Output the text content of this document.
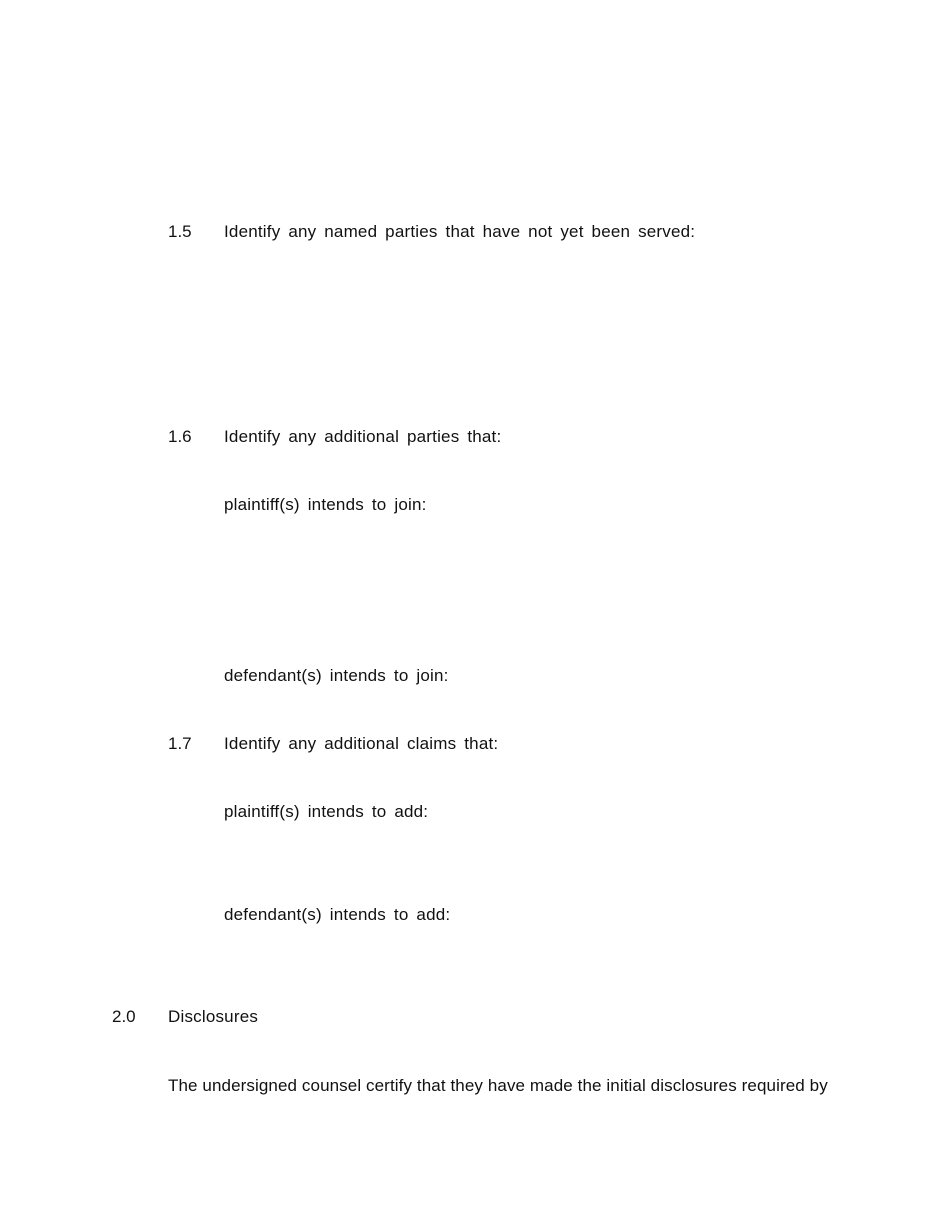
1.5 Identify any named parties that have not yet been served:
1.6 Identify any additional parties that:
plaintiff(s) intends to join:
defendant(s) intends to join:
1.7 Identify any additional claims that:
plaintiff(s) intends to add:
defendant(s) intends to add:
2.0 Disclosures
The undersigned counsel certify that they have made the initial disclosures required by
